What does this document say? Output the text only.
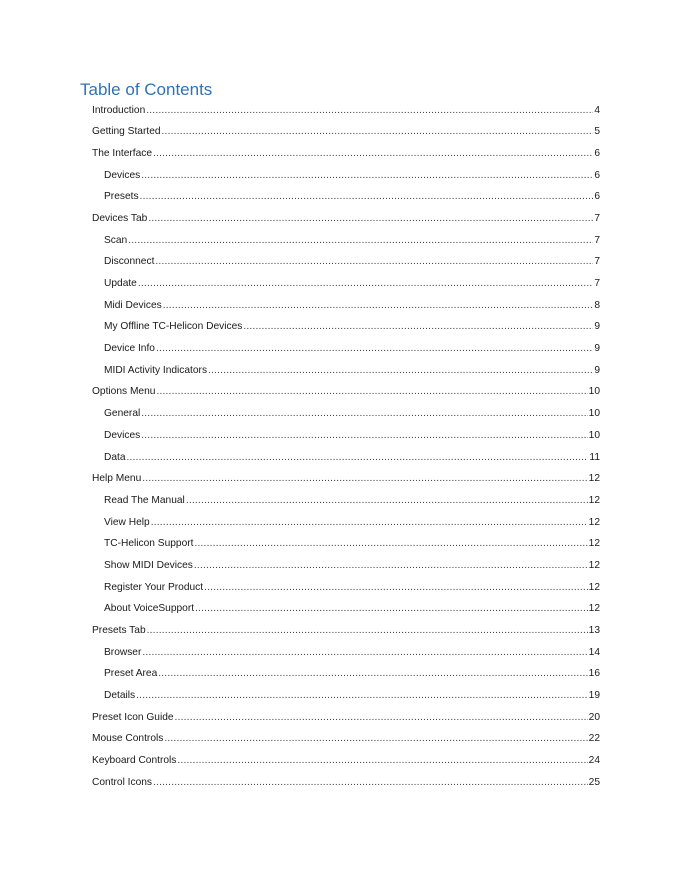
Table of Contents
Introduction .....	4
Getting Started .....	5
The Interface .....	6
Devices .....	6
Presets .....	6
Devices Tab .....	7
Scan .....	7
Disconnect .....	7
Update .....	7
Midi Devices .....	8
My Offline TC-Helicon Devices .....	9
Device Info .....	9
MIDI Activity Indicators .....	9
Options Menu .....	10
General .....	10
Devices .....	10
Data .....	11
Help Menu .....	12
Read The Manual .....	12
View Help .....	12
TC-Helicon Support .....	12
Show MIDI Devices .....	12
Register Your Product .....	12
About VoiceSupport .....	12
Presets Tab .....	13
Browser .....	14
Preset Area .....	16
Details .....	19
Preset Icon Guide .....	20
Mouse Controls .....	22
Keyboard Controls .....	24
Control Icons .....	25
